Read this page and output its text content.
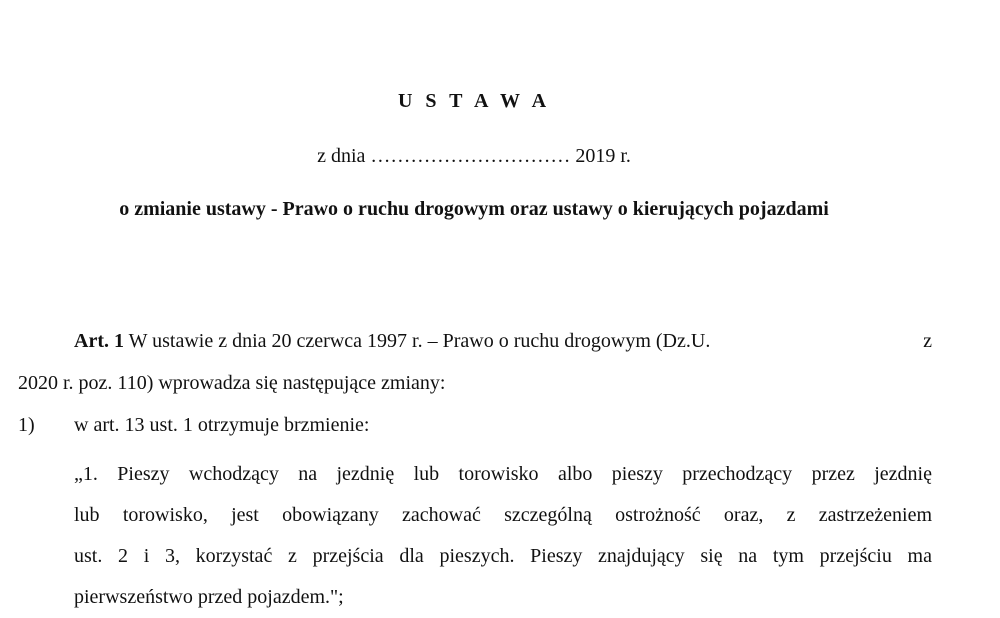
U S T A W A
z dnia ………………………… 2019 r.
o zmianie ustawy - Prawo o ruchu drogowym oraz ustawy o kierujących pojazdami
Art. 1 W ustawie z dnia 20 czerwca 1997 r. – Prawo o ruchu drogowym (Dz.U.	z
2020 r. poz. 110) wprowadza się następujące zmiany:
1) w art. 13 ust. 1 otrzymuje brzmienie:
„1. Pieszy wchodzący na jezdnię lub torowisko albo pieszy przechodzący przez jezdnię
lub torowisko, jest obowiązany zachować szczególną ostrożność oraz, z zastrzeżeniem
ust. 2 i 3, korzystać z przejścia dla pieszych. Pieszy znajdujący się na tym przejściu ma
pierwszeństwo przed pojazdem.";
